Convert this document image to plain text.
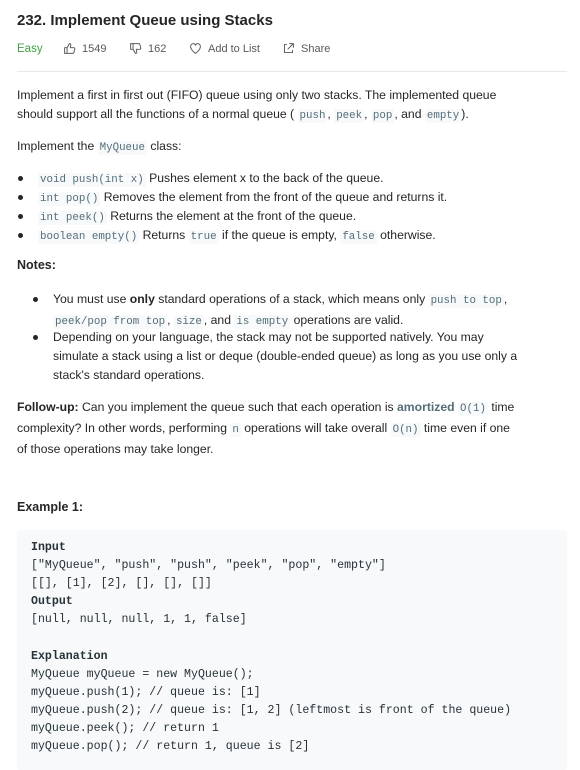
232. Implement Queue using Stacks
Easy	1549	162	Add to List	Share
Implement a first in first out (FIFO) queue using only two stacks. The implemented queue
should support all the functions of a normal queue ( push , peek , pop , and empty ).
Implement the MyQueue class:
void push(int x) Pushes element x to the back of the queue.
int pop() Removes the element from the front of the queue and returns it.
int peek() Returns the element at the front of the queue.
boolean empty() Returns true if the queue is empty, false otherwise.
Notes:
You must use only standard operations of a stack, which means only push to top ,
peek/pop from top , size , and is empty operations are valid.
Depending on your language, the stack may not be supported natively. You may
simulate a stack using a list or deque (double-ended queue) as long as you use only a
stack's standard operations.
Follow-up: Can you implement the queue such that each operation is amortized O(1) time
complexity? In other words, performing n operations will take overall O(n) time even if one
of those operations may take longer.
Example 1:
Input
["MyQueue", "push", "push", "peek", "pop", "empty"]
[[], [1], [2], [], [], []]
Output
[null, null, null, 1, 1, false]
Explanation
MyQueue myQueue = new MyQueue();
myQueue.push(1); // queue is: [1]
myQueue.push(2); // queue is: [1, 2] (leftmost is front of the queue)
myQueue.peek(); // return 1
myQueue.pop(); // return 1, queue is [2]
